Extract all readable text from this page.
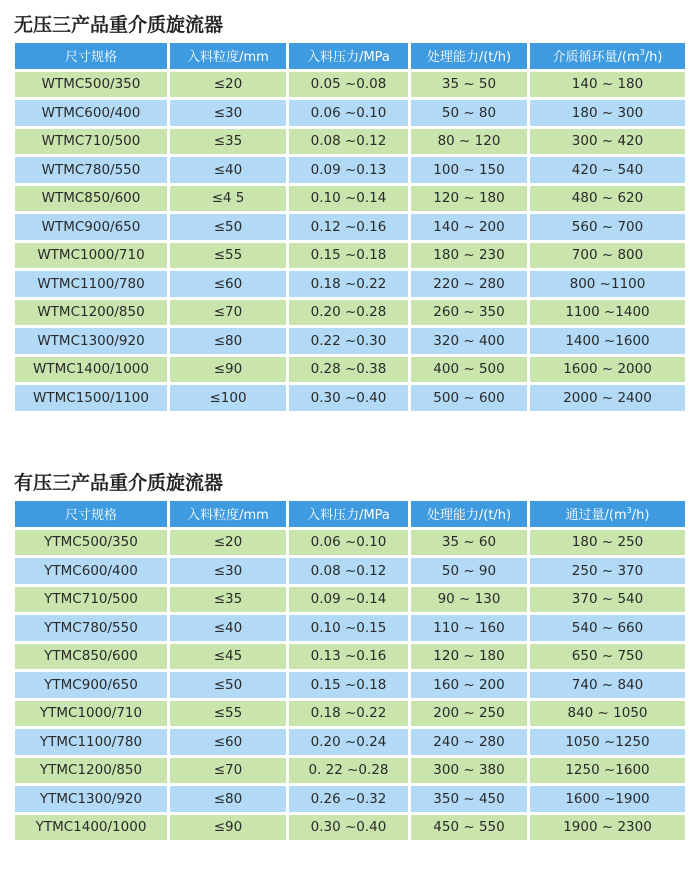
无压三产品重介质旋流器
尺寸规格	入料粒度/mm	入料压力/MPa	处理能力/(t/h)	介质循环量$/(m^3/h)$
WTMC500/350	≤20	0.05 ~0.08	35 ~ 50	140 ~ 180
WTMC600/400	≤30	0.06 ~0.10	50 ~ 80	180 ~ 300
WTMC710/500	≤35	0.08 ~0.12	80 ~ 120	300 ~ 420
WTMC780/550	≤40	0.09 ~0.13	100 ~ 150	420 ~ 540
WTMC850/600	≤4 5	0.10 ~0.14	120 ~ 180	480 ~ 620
WTMC900/650	≤50	0.12 ~0.16	140 ~ 200	560 ~ 700
WTMC1000/710	≤55	0.15 ~0.18	180 ~ 230	700 ~ 800
WTMC1100/780	≤60	0.18 ~0.22	220 ~ 280	800 ~1100
WTMC1200/850	≤70	0.20 ~0.28	260 ~ 350	1100 ~1400
WTMC1300/920	≤80	0.22 ~0.30	320 ~ 400	1400 ~1600
WTMC1400/1000	≤90	0.28 ~0.38	400 ~ 500	1600 ~ 2000
WTMC1500/1100	≤100	0.30 ~0.40	500 ~ 600	2000 ~ 2400
有压三产品重介质旋流器
尺寸规格	入料粒度/mm	入料压力/MPa	处理能力/(t/h)	通过量$/(m^3/h)$
YTMC500/350	≤20	0.06 ~0.10	35 ~ 60	180 ~ 250
YTMC600/400	≤30	0.08 ~0.12	50 ~ 90	250 ~ 370
YTMC710/500	≤35	0.09 ~0.14	90 ~ 130	370 ~ 540
YTMC780/550	≤40	0.10 ~0.15	110 ~ 160	540 ~ 660
YTMC850/600	≤45	0.13 ~0.16	120 ~ 180	650 ~ 750
YTMC900/650	≤50	0.15 ~0.18	160 ~ 200	740 ~ 840
YTMC1000/710	≤55	0.18 ~0.22	200 ~ 250	840 ~ 1050
YTMC1100/780	≤60	0.20 ~0.24	240 ~ 280	1050 ~1250
YTMC1200/850	≤70	0. 22 ~0.28	300 ~ 380	1250 ~1600
YTMC1300/920	≤80	0.26 ~0.32	350 ~ 450	1600 ~1900
YTMC1400/1000	≤90	0.30 ~0.40	450 ~ 550	1900 ~ 2300
